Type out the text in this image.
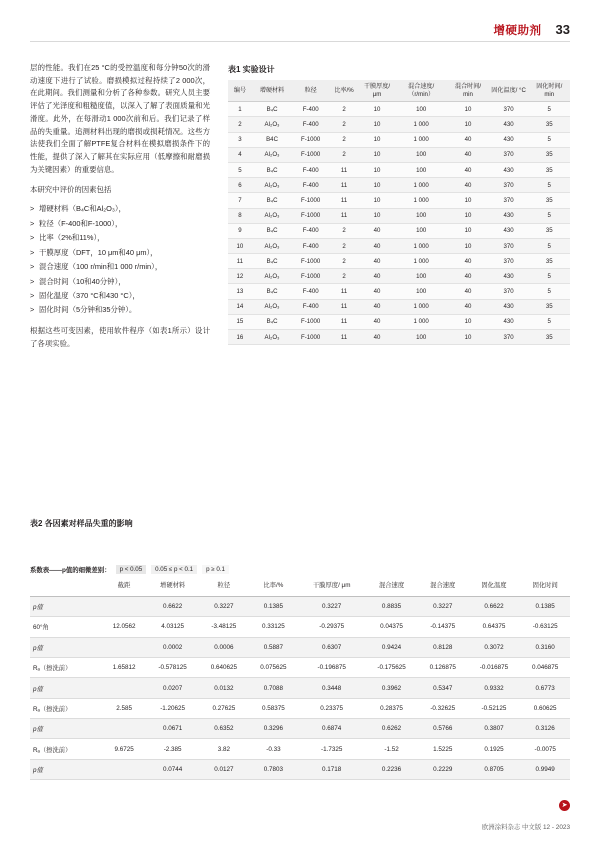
增硬助剂 33

层的性能。我们在25 °C的受控温度和每分钟50次的滑动速度下进行了试验。磨损模拟过程持续了2 000次，在此期间。我们测量和分析了各种参数。研究人员主要评估了光泽度和粗糙度值，以深入了解了表面质量和光滑度。此外，在每滑动1 000次前和后。我们记录了样品的失重量。追测材料出现的磨损或损耗情况。这些方法使我们全面了解PTFE复合材料在模拟磨损条件下的性能，提供了深入了解其在实际应用（低摩擦和耐磨损为关键因素）的重要信息。

本研究中评价的因素包括

> 增硬材料（B₄C和Al₂O₃），
> 粒径（F-400和F-1000），
> 比率（2%和11%），
> 干膜厚度（DFT，10 μm和40 μm），
> 混合速度（100 r/min和1 000 r/min），
> 混合时间（10和40分钟），
> 固化温度（370 °C和430 °C），
> 固化时间（5分钟和35分钟）。

根据这些可变因素，使用软件程序（如表1所示）设计了各项实验。

表1 实验设计
编号	增硬材料	粒径	比率/%	干膜厚度/ μm	混合速度/ （r/min）	混合时间/ min	固化温度/ °C	固化时间/ min
1	B₄C	F-400	2	10	100	10	370	5
2	Al₂O₃	F-400	2	10	1 000	10	430	35
3	B4C	F-1000	2	10	1 000	40	430	5
4	Al₂O₃	F-1000	2	10	100	40	370	35
5	B₄C	F-400	11	10	100	40	430	35
6	Al₂O₃	F-400	11	10	1 000	40	370	5
7	B₄C	F-1000	11	10	1 000	10	370	35
8	Al₂O₃	F-1000	11	10	100	10	430	5
9	B₄C	F-400	2	40	100	10	430	35
10	Al₂O₃	F-400	2	40	1 000	10	370	5
11	B₄C	F-1000	2	40	1 000	40	370	35
12	Al₂O₃	F-1000	2	40	100	40	430	5
13	B₄C	F-400	11	40	100	40	370	5
14	Al₂O₃	F-400	11	40	1 000	40	430	35
15	B₄C	F-1000	11	40	1 000	10	430	5
16	Al₂O₃	F-1000	11	40	100	10	370	35
表2 各因素对样品失重的影响
系数表——p值的细微差别：	p < 0.05	0.05 ≤ p < 0.1	p ≥ 0.1
	截距	增硬材料	粒径	比率/%	干膜厚度/ μm	混合速度	混合速度	固化温度	固化时间
p值		0.6622	0.3227	0.1385	0.3227	0.8835	0.3227	0.6622	0.1385
60°角	12.0562	4.03125	-3.48125	0.33125	-0.29375	0.04375	-0.14375	0.64375	-0.63125
p值		0.0002	0.0006	0.5887	0.6307	0.9424	0.8128	0.3072	0.3160
Rₐ（擦洗前）	1.65812	-0.578125	0.640625	0.075625	-0.196875	-0.175625	0.126875	-0.016875	0.046875
p值		0.0207	0.0132	0.7088	0.3448	0.3962	0.5347	0.9332	0.6773
Rₐ（擦洗前）	2.585	-1.20625	0.27625	0.58375	0.23375	0.28375	-0.32625	-0.52125	0.60625
p值		0.0671	0.6352	0.3296	0.6874	0.6262	0.5766	0.3807	0.3126
Rₐ（擦洗前）	9.6725	-2.385	3.82	-0.33	-1.7325	-1.52	1.5225	0.1925	-0.0075
p值		0.0744	0.0127	0.7803	0.1718	0.2236	0.2229	0.8705	0.9949
➤
欧洲涂料杂志 中文版 12 - 2023
